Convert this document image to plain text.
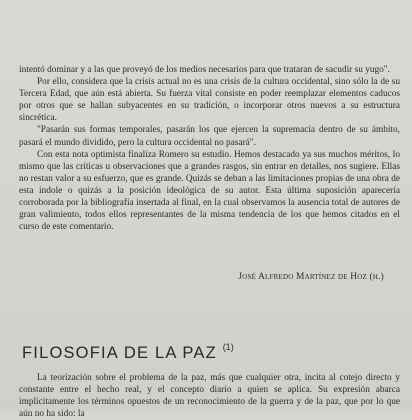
intentó dominar y a las que proveyó de los medios necesarios para que trataran de sacudir su yugo".

Por ello, considera que la crisis actual no es una crisis de la cultura occidental, sino sólo la de su Tercera Edad, que aún está abierta. Su fuerza vital consiste en poder reemplazar elementos caducos por otros que se hallan subyacentes en su tradición, o incorporar otros nuevos a su estructura sincrética.

"Pasarán sus formas temporales, pasarán los que ejercen la supremacía dentro de su ámbito, pasará el mundo dividido, pero la cultura occidental no pasará".

Con esta nota optimista finaliza Romero su estudio. Hemos destacado ya sus muchos méritos, lo mismo que las críticas u observaciones que a grandes rasgos, sin entrar en detalles, nos sugiere. Ellas no restan valor a su esfuerzo, que es grande. Quizás se deban a las limitaciones propias de una obra de esta índole o quizás a la posición ideológica de su autor. Esta última suposición aparecería corroborada por la bibliografía insertada al final, en la cual observamos la ausencia total de autores de gran valimiento, todos ellos representantes de la misma tendencia de los que hemos citados en el curso de este comentario.

José Alfredo Martínez de Hoz (h.)
FILOSOFIA DE LA PAZ $^{(1)}$

La teorización sobre el problema de la paz, más que cualquier otra, incita al cotejo directo y constante entre el hecho real, y el concepto diario a quien se aplica. Su expresión abarca implícitamente los términos opuestos de un reconocimiento de la guerra y de la paz, que por lo que aún no ha sido: la
